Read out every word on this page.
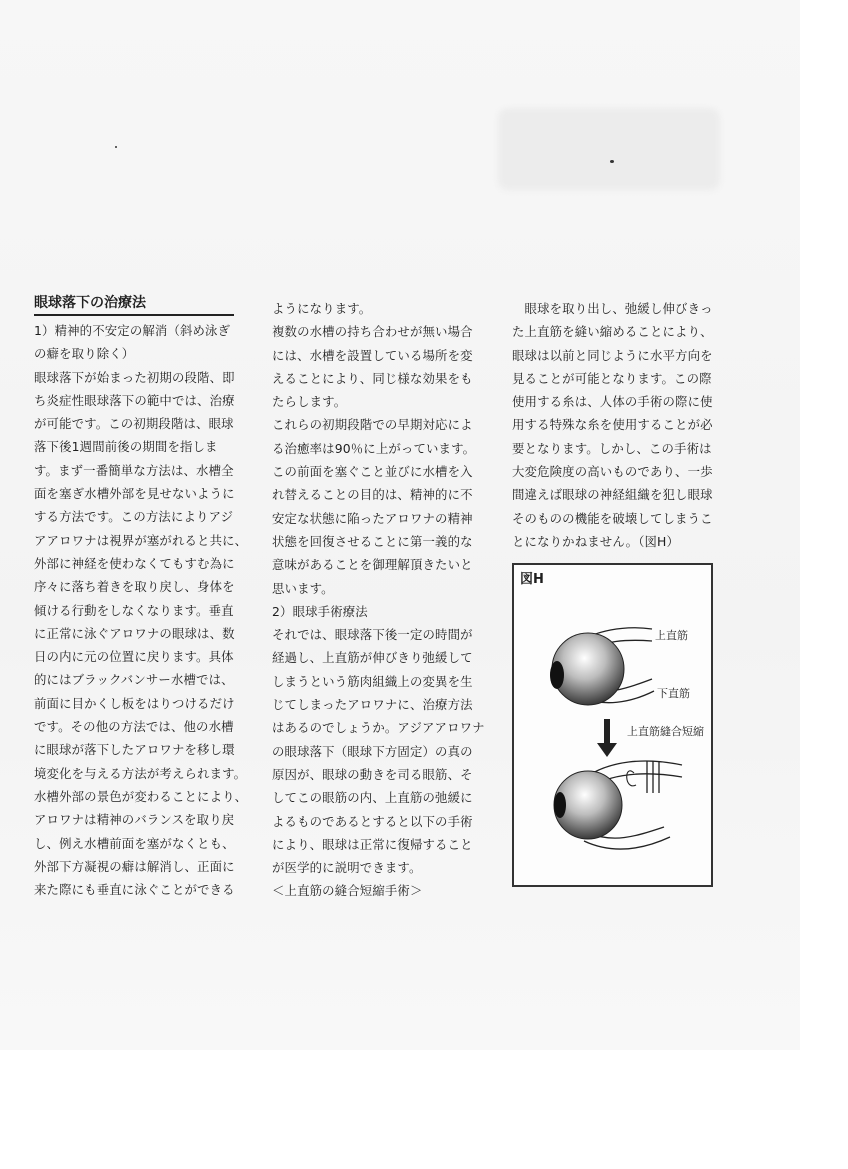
眼球落下の治療法
1）精神的不安定の解消（斜め泳ぎ
の癖を取り除く）
眼球落下が始まった初期の段階、即
ち炎症性眼球落下の範中では、治療
が可能です。この初期段階は、眼球
落下後1週間前後の期間を指しま
す。まず一番簡単な方法は、水槽全
面を塞ぎ水槽外部を見せないように
する方法です。この方法によりアジ
アアロワナは視界が塞がれると共に、
外部に神経を使わなくてもすむ為に
序々に落ち着きを取り戻し、身体を
傾ける行動をしなくなります。垂直
に正常に泳ぐアロワナの眼球は、数
日の内に元の位置に戻ります。具体
的にはブラックバンサー水槽では、
前面に目かくし板をはりつけるだけ
です。その他の方法では、他の水槽
に眼球が落下したアロワナを移し環
境変化を与える方法が考えられます。
水槽外部の景色が変わることにより、
アロワナは精神のバランスを取り戻
し、例え水槽前面を塞がなくとも、
外部下方凝視の癖は解消し、正面に
来た際にも垂直に泳ぐことができる
ようになります。
複数の水槽の持ち合わせが無い場合
には、水槽を設置している場所を変
えることにより、同じ様な効果をも
たらします。
これらの初期段階での早期対応によ
る治癒率は90％に上がっています。
この前面を塞ぐこと並びに水槽を入
れ替えることの目的は、精神的に不
安定な状態に陥ったアロワナの精神
状態を回復させることに第一義的な
意味があることを御理解頂きたいと
思います。
2）眼球手術療法
それでは、眼球落下後一定の時間が
経過し、上直筋が伸びきり弛緩して
しまうという筋肉組織上の変異を生
じてしまったアロワナに、治療方法
はあるのでしょうか。アジアアロワナ
の眼球落下（眼球下方固定）の真の
原因が、眼球の動きを司る眼筋、そ
してこの眼筋の内、上直筋の弛緩に
よるものであるとすると以下の手術
により、眼球は正常に復帰すること
が医学的に説明できます。
＜上直筋の縫合短縮手術＞
　眼球を取り出し、弛緩し伸びきっ
た上直筋を縫い縮めることにより、
眼球は以前と同じように水平方向を
見ることが可能となります。この際
使用する糸は、人体の手術の際に使
用する特殊な糸を使用することが必
要となります。しかし、この手術は
大変危険度の高いものであり、一歩
間違えば眼球の神経組織を犯し眼球
そのものの機能を破壊してしまうこ
とになりかねません。（図H）
図H
上直筋
下直筋
上直筋縫合短縮
